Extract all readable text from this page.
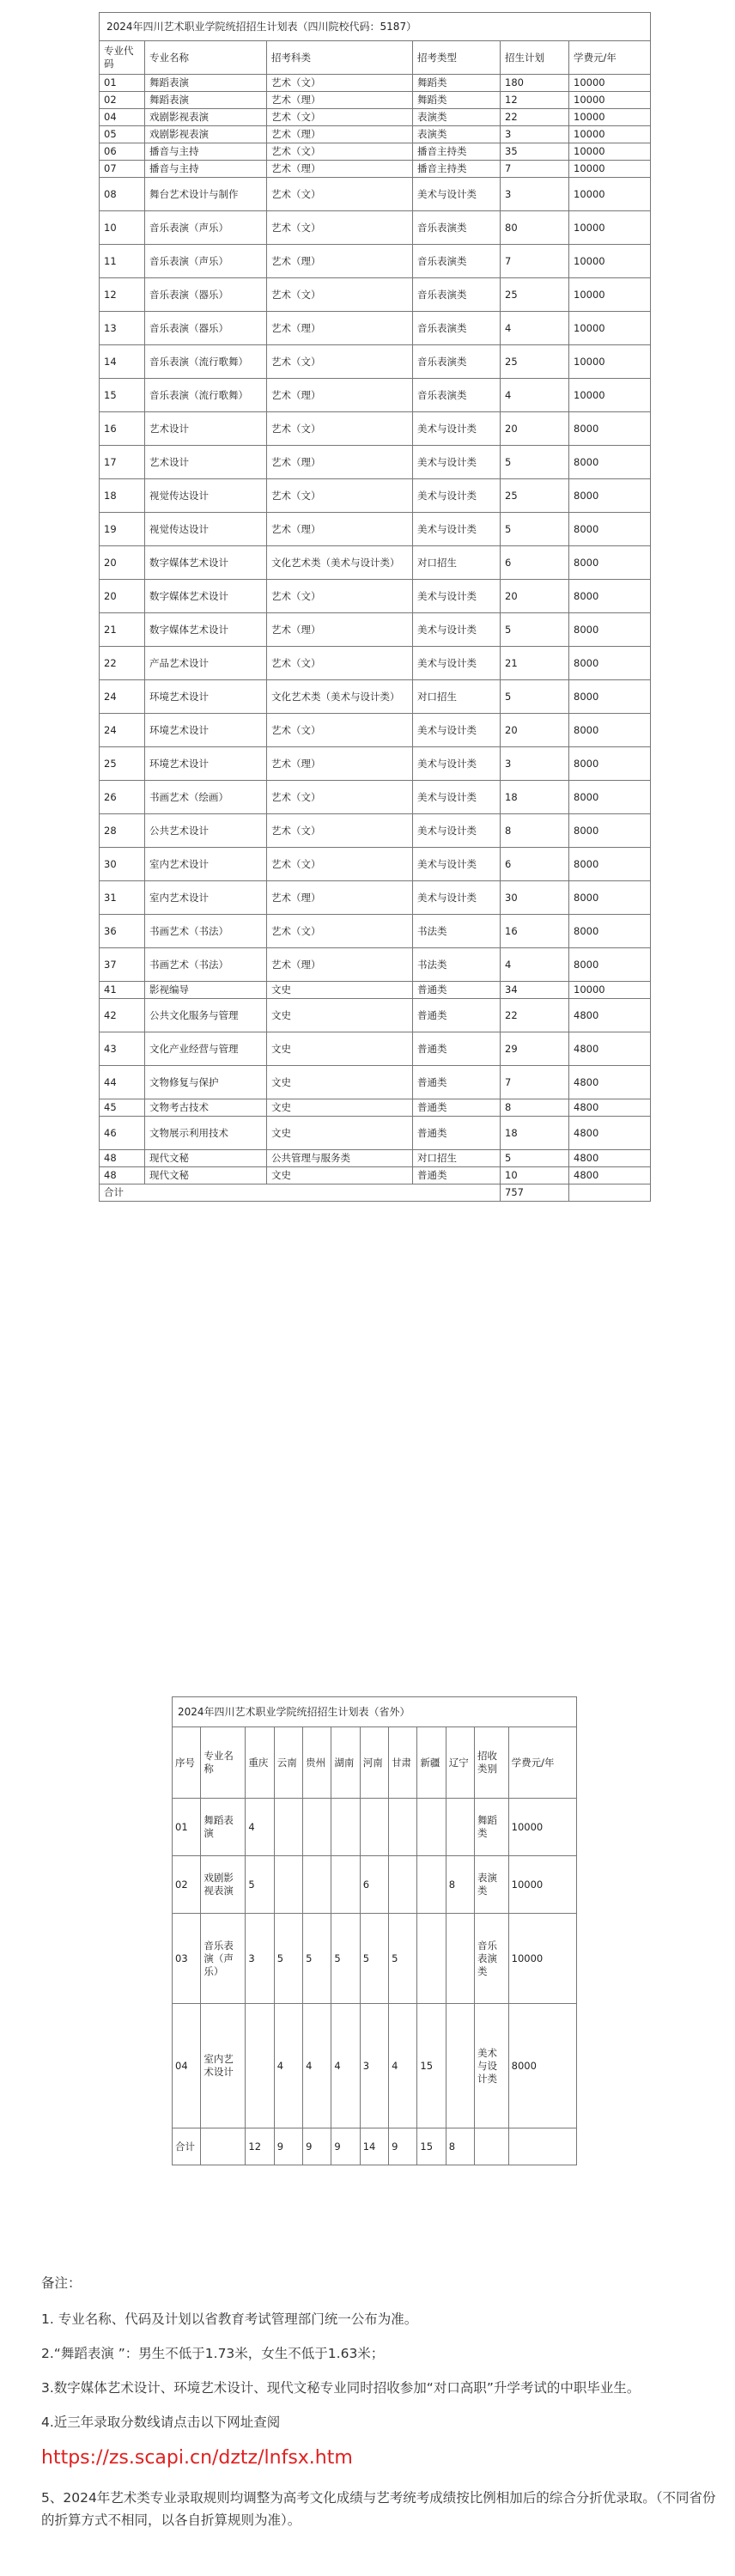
2024年四川艺术职业学院统招招生计划表（四川院校代码：5187）					
专业代码	专业名称	招考科类	招考类型	招生计划	学费元/年
01	舞蹈表演	艺术（文）	舞蹈类	180	10000
02	舞蹈表演	艺术（理）	舞蹈类	12	10000
04	戏剧影视表演	艺术（文）	表演类	22	10000
05	戏剧影视表演	艺术（理）	表演类	3	10000
06	播音与主持	艺术（文）	播音主持类	35	10000
07	播音与主持	艺术（理）	播音主持类	7	10000
08	舞台艺术设计与制作	艺术（文）	美术与设计类	3	10000
10	音乐表演（声乐）	艺术（文）	音乐表演类	80	10000
11	音乐表演（声乐）	艺术（理）	音乐表演类	7	10000
12	音乐表演（器乐）	艺术（文）	音乐表演类	25	10000
13	音乐表演（器乐）	艺术（理）	音乐表演类	4	10000
14	音乐表演（流行歌舞）	艺术（文）	音乐表演类	25	10000
15	音乐表演（流行歌舞）	艺术（理）	音乐表演类	4	10000
16	艺术设计	艺术（文）	美术与设计类	20	8000
17	艺术设计	艺术（理）	美术与设计类	5	8000
18	视觉传达设计	艺术（文）	美术与设计类	25	8000
19	视觉传达设计	艺术（理）	美术与设计类	5	8000
20	数字媒体艺术设计	文化艺术类（美术与设计类）	对口招生	6	8000
20	数字媒体艺术设计	艺术（文）	美术与设计类	20	8000
21	数字媒体艺术设计	艺术（理）	美术与设计类	5	8000
22	产品艺术设计	艺术（文）	美术与设计类	21	8000
24	环境艺术设计	文化艺术类（美术与设计类）	对口招生	5	8000
24	环境艺术设计	艺术（文）	美术与设计类	20	8000
25	环境艺术设计	艺术（理）	美术与设计类	3	8000
26	书画艺术（绘画）	艺术（文）	美术与设计类	18	8000
28	公共艺术设计	艺术（文）	美术与设计类	8	8000
30	室内艺术设计	艺术（文）	美术与设计类	6	8000
31	室内艺术设计	艺术（理）	美术与设计类	30	8000
36	书画艺术（书法）	艺术（文）	书法类	16	8000
37	书画艺术（书法）	艺术（理）	书法类	4	8000
41	影视编导	文史	普通类	34	10000
42	公共文化服务与管理	文史	普通类	22	4800
43	文化产业经营与管理	文史	普通类	29	4800
44	文物修复与保护	文史	普通类	7	4800
45	文物考古技术	文史	普通类	8	4800
46	文物展示利用技术	文史	普通类	18	4800
48	现代文秘	公共管理与服务类	对口招生	5	4800
48	现代文秘	文史	普通类	10	4800
合计				757	
2024年四川艺术职业学院统招招生计划表（省外）											
序号	专业名称	重庆	云南	贵州	湖南	河南	甘肃	新疆	辽宁	招收类别	学费元/年
01	舞蹈表演	4								舞蹈类	10000
02	戏剧影视表演	5				6			8	表演类	10000
03	音乐表演（声乐）	3	5	5	5	5	5			音乐表演类	10000
04	室内艺术设计		4	4	4	3	4	15		美术与设计类	8000
合计		12	9	9	9	14	9	15	8		

备注：

1. 专业名称、代码及计划以省教育考试管理部门统一公布为准。

2.“舞蹈表演 ”：男生不低于1.73米，女生不低于1.63米；

3.数字媒体艺术设计、环境艺术设计、现代文秘专业同时招收参加“对口高职”升学考试的中职毕业生。

4.近三年录取分数线请点击以下网址查阅

https://zs.scapi.cn/dztz/lnfsx.htm

5、2024年艺术类专业录取规则均调整为高考文化成绩与艺考统考成绩按比例相加后的综合分折优录取。（不同省份的折算方式不相同，以各自折算规则为准）。
